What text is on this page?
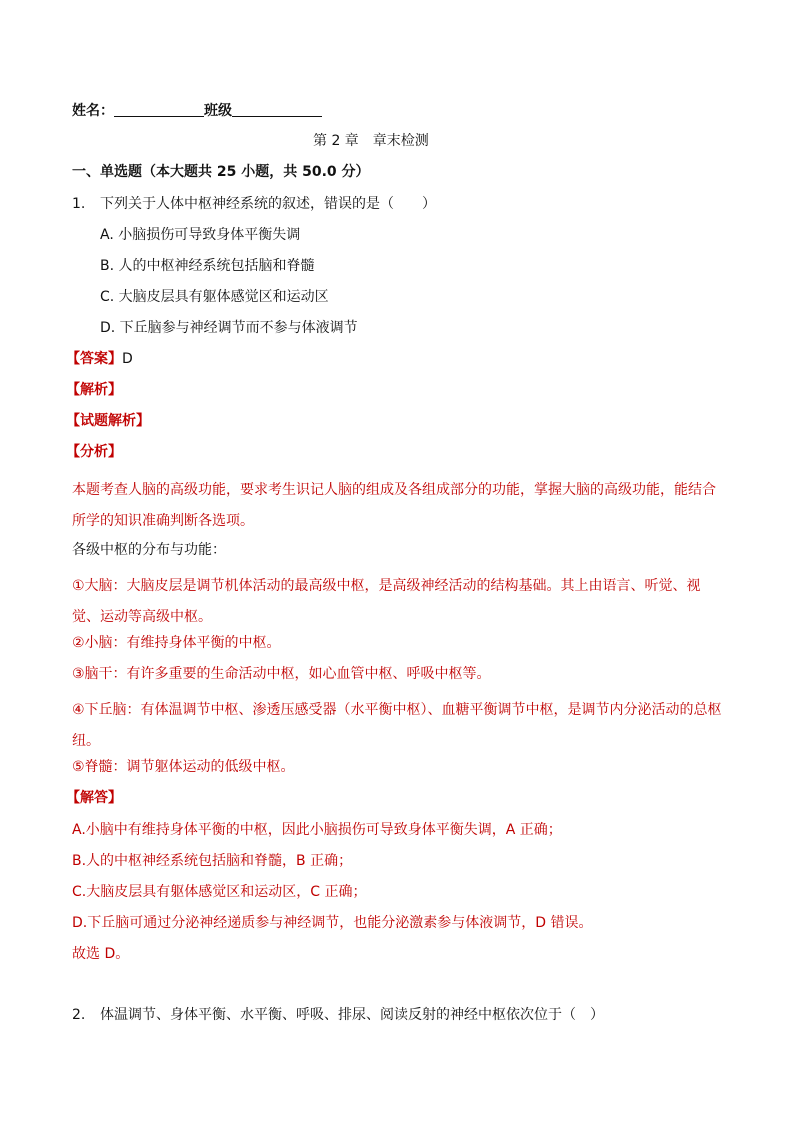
姓名：	班级
第 2 章　章末检测
一、单选题（本大题共 25 小题，共 50.0 分）
1. 下列关于人体中枢神经系统的叙述，错误的是（　　）
A. 小脑损伤可导致身体平衡失调
B. 人的中枢神经系统包括脑和脊髓
C. 大脑皮层具有躯体感觉区和运动区
D. 下丘脑参与神经调节而不参与体液调节
【答案】D
【解析】
【试题解析】
【分析】
本题考查人脑的高级功能，要求考生识记人脑的组成及各组成部分的功能，掌握大脑的高级功能，能结合所学的知识准确判断各选项。
各级中枢的分布与功能：
①大脑：大脑皮层是调节机体活动的最高级中枢，是高级神经活动的结构基础。其上由语言、听觉、视觉、运动等高级中枢。
②小脑：有维持身体平衡的中枢。
③脑干：有许多重要的生命活动中枢，如心血管中枢、呼吸中枢等。
④下丘脑：有体温调节中枢、渗透压感受器（水平衡中枢）、血糖平衡调节中枢，是调节内分泌活动的总枢纽。
⑤脊髓：调节躯体运动的低级中枢。
【解答】
A.小脑中有维持身体平衡的中枢，因此小脑损伤可导致身体平衡失调，A 正确；
B.人的中枢神经系统包括脑和脊髓，B 正确；
C.大脑皮层具有躯体感觉区和运动区，C 正确；
D.下丘脑可通过分泌神经递质参与神经调节，也能分泌激素参与体液调节，D 错误。
故选 D。
2. 体温调节、身体平衡、水平衡、呼吸、排尿、阅读反射的神经中枢依次位于（　）
